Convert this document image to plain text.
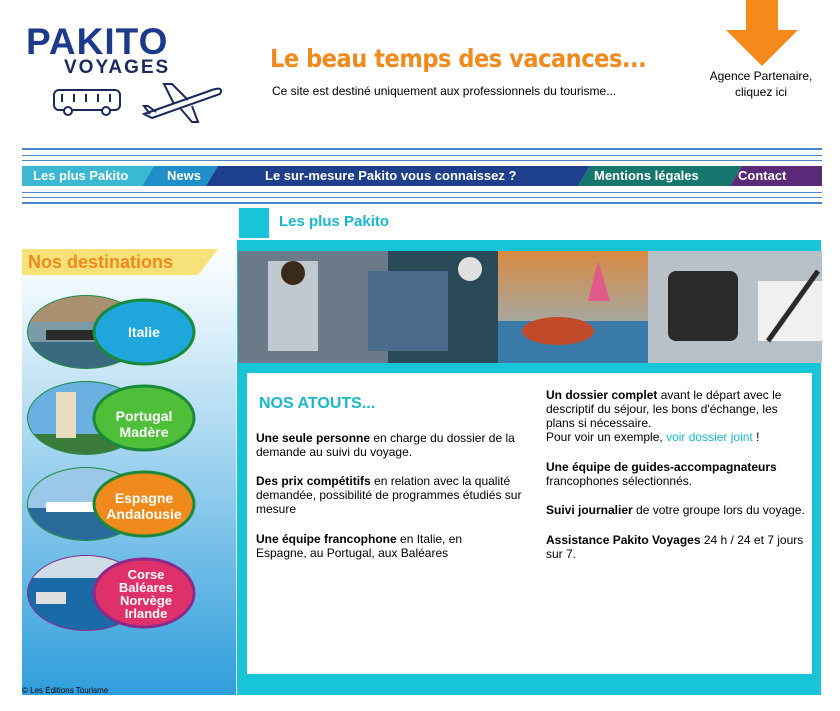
PAKITO
VOYAGES	Le beau temps des vacances...
Ce site est destiné uniquement aux professionnels du tourisme...
Agence Partenaire,
cliquez ici
Les plus Pakito	News	Le sur-mesure Pakito vous connaissez ?	Mentions légales	Contact
Nos destinations
Italie
Portugal
Madère
Espagne
Andalousie
Corse
Baléares
Norvège
Irlande
© Les Éditions Tourisme
Les plus Pakito
NOS ATOUTS...
Une seule personne en charge du dossier de la demande au suivi du voyage.
Des prix compétitifs en relation avec la qualité demandée, possibilité de programmes étudiés sur mesure
Une équipe francophone en Italie, en Espagne, au Portugal, aux Baléares
Un dossier complet avant le départ avec le descriptif du séjour, les bons d'échange, les plans si nécessaire.
Pour voir un exemple, voir dossier joint !
Une équipe de guides-accompagnateurs francophones sélectionnés.
Suivi journalier de votre groupe lors du voyage.
Assistance Pakito Voyages 24 h / 24 et 7 jours sur 7.
